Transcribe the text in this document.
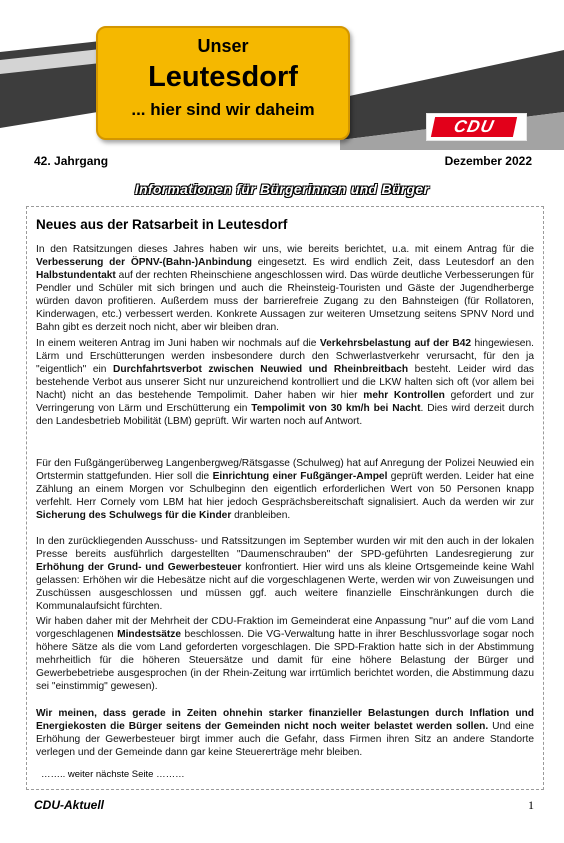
Unser
Leutesdorf
... hier sind wir daheim
CDU
42. Jahrgang	Dezember 2022
Informationen für Bürgerinnen und Bürger
Neues aus der Ratsarbeit in Leutesdorf

In den Ratsitzungen dieses Jahres haben wir uns, wie bereits berichtet, u.a. mit einem Antrag für die Verbesserung der ÖPNV-(Bahn-)Anbindung eingesetzt. Es wird endlich Zeit, dass Leutesdorf an den Halbstundentakt auf der rechten Rheinschiene angeschlossen wird. Das würde deutliche Verbesserungen für Pendler und Schüler mit sich bringen und auch die Rheinsteig-Touristen und Gäste der Jugendherberge würden davon profitieren. Außerdem muss der barrierefreie Zugang zu den Bahnsteigen (für Rollatoren, Kinderwagen, etc.) verbessert werden. Konkrete Aussagen zur weiteren Umsetzung seitens SPNV Nord und Bahn gibt es derzeit noch nicht, aber wir bleiben dran.

In einem weiteren Antrag im Juni haben wir nochmals auf die Verkehrsbelastung auf der B42 hingewiesen. Lärm und Erschütterungen werden insbesondere durch den Schwerlastverkehr verursacht, für den ja "eigentlich" ein Durchfahrtsverbot zwischen Neuwied und Rheinbreitbach besteht. Leider wird das bestehende Verbot aus unserer Sicht nur unzureichend kontrolliert und die LKW halten sich oft (vor allem bei Nacht) nicht an das bestehende Tempolimit. Daher haben wir hier mehr Kontrollen gefordert und zur Verringerung von Lärm und Erschütterung ein Tempolimit von 30 km/h bei Nacht. Dies wird derzeit durch den Landesbetrieb Mobilität (LBM) geprüft. Wir warten noch auf Antwort.

Für den Fußgängerüberweg Langenbergweg/Rätsgasse (Schulweg) hat auf Anregung der Polizei Neuwied ein Ortstermin stattgefunden. Hier soll die Einrichtung einer Fußgänger-Ampel geprüft werden. Leider hat eine Zählung an einem Morgen vor Schulbeginn den eigentlich erforderlichen Wert von 50 Personen knapp verfehlt. Herr Cornely vom LBM hat hier jedoch Gesprächsbereitschaft signalisiert. Auch da werden wir zur Sicherung des Schulwegs für die Kinder dranbleiben.

In den zurückliegenden Ausschuss- und Ratssitzungen im September wurden wir mit den auch in der lokalen Presse bereits ausführlich dargestellten "Daumenschrauben" der SPD-geführten Landesregierung zur Erhöhung der Grund- und Gewerbesteuer konfrontiert. Hier wird uns als kleine Ortsgemeinde keine Wahl gelassen: Erhöhen wir die Hebesätze nicht auf die vorgeschlagenen Werte, werden wir von Zuweisungen und Zuschüssen ausgeschlossen und müssen ggf. auch weitere finanzielle Einschränkungen durch die Kommunalaufsicht fürchten.

Wir haben daher mit der Mehrheit der CDU-Fraktion im Gemeinderat eine Anpassung "nur" auf die vom Land vorgeschlagenen Mindestsätze beschlossen. Die VG-Verwaltung hatte in ihrer Beschlussvorlage sogar noch höhere Sätze als die vom Land geforderten vorgeschlagen. Die SPD-Fraktion hatte sich in der Abstimmung mehrheitlich für die höheren Steuersätze und damit für eine höhere Belastung der Bürger und Gewerbebetriebe ausgesprochen (in der Rhein-Zeitung war irrtümlich berichtet worden, die Abstimmung dazu sei "einstimmig" gewesen).

Wir meinen, dass gerade in Zeiten ohnehin starker finanzieller Belastungen durch Inflation und Energiekosten die Bürger seitens der Gemeinden nicht noch weiter belastet werden sollen. Und eine Erhöhung der Gewerbesteuer birgt immer auch die Gefahr, dass Firmen ihren Sitz an andere Standorte verlegen und der Gemeinde dann gar keine Steuererträge mehr bleiben.

…….. weiter nächste Seite ………
CDU-Aktuell	1
